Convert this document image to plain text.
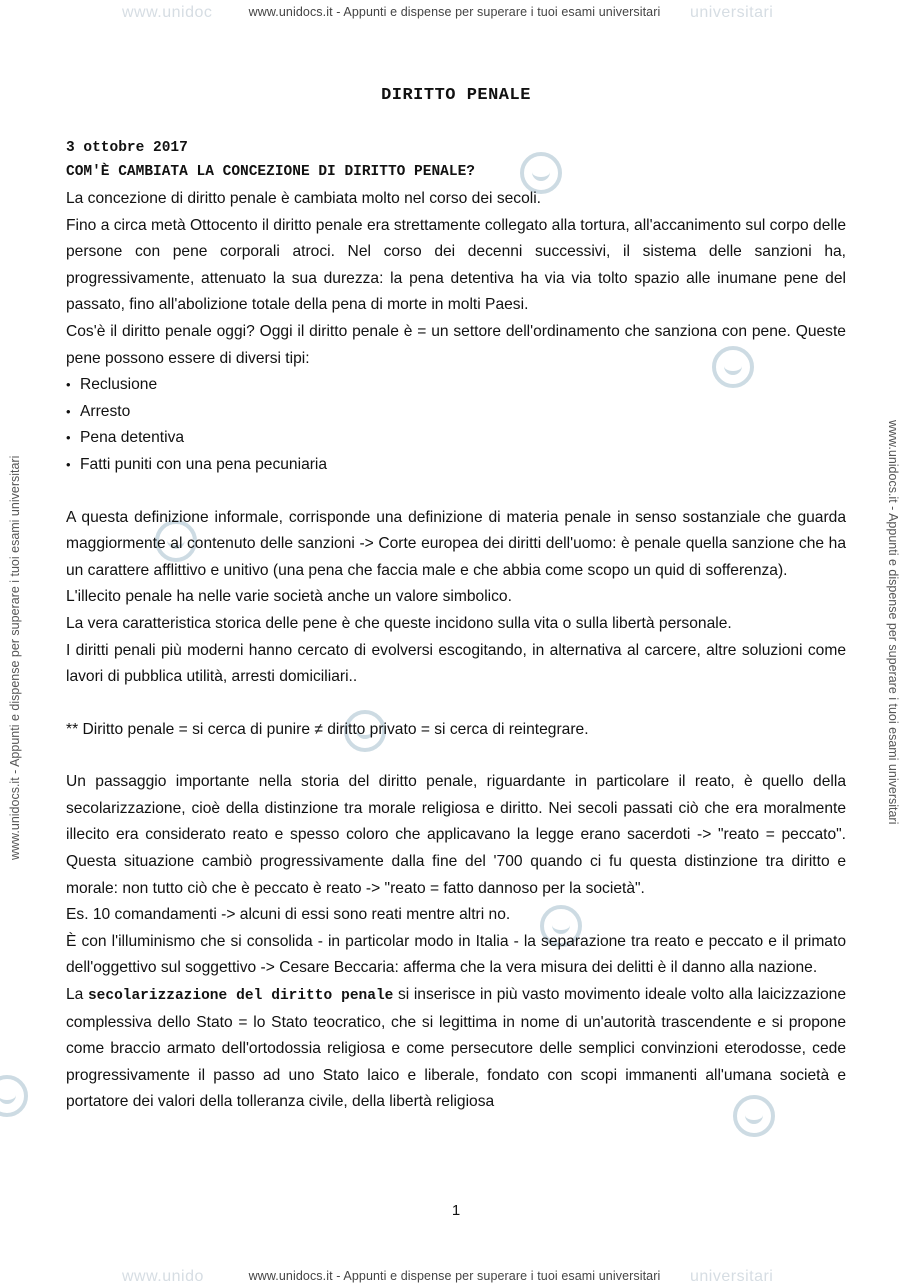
www.unidoc	universitari
www.unidocs.it - Appunti e dispense per superare i tuoi esami universitari
www.unido	universitari
www.unidocs.it - Appunti e dispense per superare i tuoi esami universitari
www.unidocs.it - Appunti e dispense per superare i tuoi esami universitari	www.unidocs.it - Appunti e dispense per superare i tuoi esami universitari
DIRITTO PENALE
3 ottobre 2017
COM'È CAMBIATA LA CONCEZIONE DI DIRITTO PENALE?

La concezione di diritto penale è cambiata molto nel corso dei secoli.

Fino a circa metà Ottocento il diritto penale era strettamente collegato alla tortura, all'accanimento sul corpo delle persone con pene corporali atroci. Nel corso dei decenni successivi, il sistema delle sanzioni ha, progressivamente, attenuato la sua durezza: la pena detentiva ha via via tolto spazio alle inumane pene del passato, fino all'abolizione totale della pena di morte in molti Paesi.

Cos'è il diritto penale oggi? Oggi il diritto penale è = un settore dell'ordinamento che sanziona con pene. Queste pene possono essere di diversi tipi:

• Reclusione
• Arresto
• Pena detentiva
• Fatti puniti con una pena pecuniaria

A questa definizione informale, corrisponde una definizione di materia penale in senso sostanziale che guarda maggiormente al contenuto delle sanzioni -> Corte europea dei diritti dell'uomo: è penale quella sanzione che ha un carattere afflittivo e unitivo (una pena che faccia male e che abbia come scopo un quid di sofferenza).

L'illecito penale ha nelle varie società anche un valore simbolico.

La vera caratteristica storica delle pene è che queste incidono sulla vita o sulla libertà personale.

I diritti penali più moderni hanno cercato di evolversi escogitando, in alternativa al carcere, altre soluzioni come lavori di pubblica utilità, arresti domiciliari..

** Diritto penale = si cerca di punire ≠ diritto privato = si cerca di reintegrare.

Un passaggio importante nella storia del diritto penale, riguardante in particolare il reato, è quello della secolarizzazione, cioè della distinzione tra morale religiosa e diritto. Nei secoli passati ciò che era moralmente illecito era considerato reato e spesso coloro che applicavano la legge erano sacerdoti -> "reato = peccato". Questa situazione cambiò progressivamente dalla fine del '700 quando ci fu questa distinzione tra diritto e morale: non tutto ciò che è peccato è reato -> "reato = fatto dannoso per la società".

Es. 10 comandamenti -> alcuni di essi sono reati mentre altri no.

È con l'illuminismo che si consolida - in particolar modo in Italia - la separazione tra reato e peccato e il primato dell'oggettivo sul soggettivo -> Cesare Beccaria: afferma che la vera misura dei delitti è il danno alla nazione.

La secolarizzazione del diritto penale si inserisce in più vasto movimento ideale volto alla laicizzazione complessiva dello Stato = lo Stato teocratico, che si legittima in nome di un'autorità trascendente e si propone come braccio armato dell'ortodossia religiosa e come persecutore delle semplici convinzioni eterodosse, cede progressivamente il passo ad uno Stato laico e liberale, fondato con scopi immanenti all'umana società e portatore dei valori della tolleranza civile, della libertà religiosa

1
